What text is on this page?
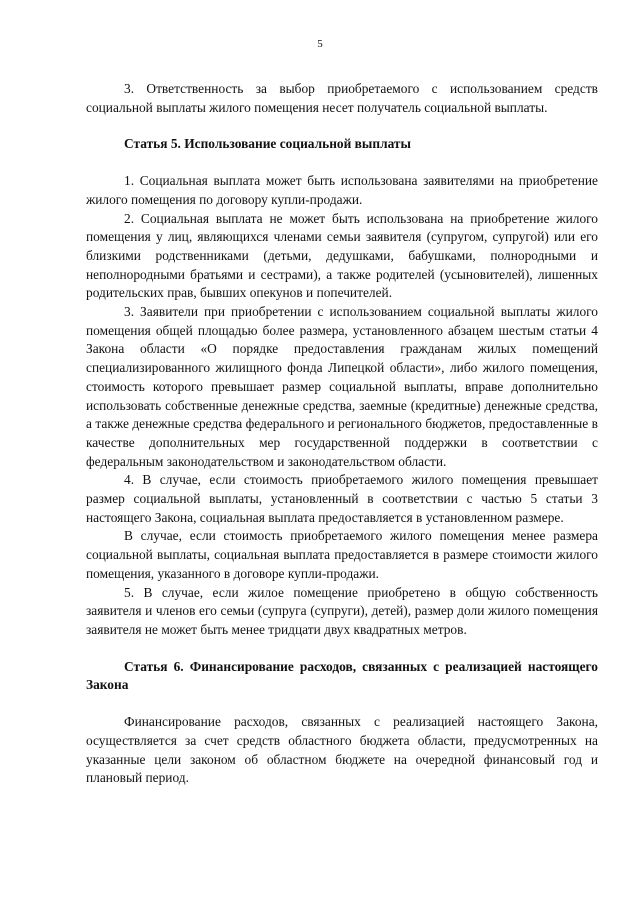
5

3. Ответственность за выбор приобретаемого с использованием средств социальной выплаты жилого помещения несет получатель социальной выплаты.

Статья 5. Использование социальной выплаты

1. Социальная выплата может быть использована заявителями на приобретение жилого помещения по договору купли-продажи.

2. Социальная выплата не может быть использована на приобретение жилого помещения у лиц, являющихся членами семьи заявителя (супругом, супругой) или его близкими родственниками (детьми, дедушками, бабушками, полнородными и неполнородными братьями и сестрами), а также родителей (усыновителей), лишенных родительских прав, бывших опекунов и попечителей.

3. Заявители при приобретении с использованием социальной выплаты жилого помещения общей площадью более размера, установленного абзацем шестым статьи 4 Закона области «О порядке предоставления гражданам жилых помещений специализированного жилищного фонда Липецкой области», либо жилого помещения, стоимость которого превышает размер социальной выплаты, вправе дополнительно использовать собственные денежные средства, заемные (кредитные) денежные средства, а также денежные средства федерального и регионального бюджетов, предоставленные в качестве дополнительных мер государственной поддержки в соответствии с федеральным законодательством и законодательством области.

4. В случае, если стоимость приобретаемого жилого помещения превышает размер социальной выплаты, установленный в соответствии с частью 5 статьи 3 настоящего Закона, социальная выплата предоставляется в установленном размере.

В случае, если стоимость приобретаемого жилого помещения менее размера социальной выплаты, социальная выплата предоставляется в размере стоимости жилого помещения, указанного в договоре купли-продажи.

5. В случае, если жилое помещение приобретено в общую собственность заявителя и членов его семьи (супруга (супруги), детей), размер доли жилого помещения заявителя не может быть менее тридцати двух квадратных метров.

Статья 6. Финансирование расходов, связанных с реализацией настоящего Закона

Финансирование расходов, связанных с реализацией настоящего Закона, осуществляется за счет средств областного бюджета области, предусмотренных на указанные цели законом об областном бюджете на очередной финансовый год и плановый период.
